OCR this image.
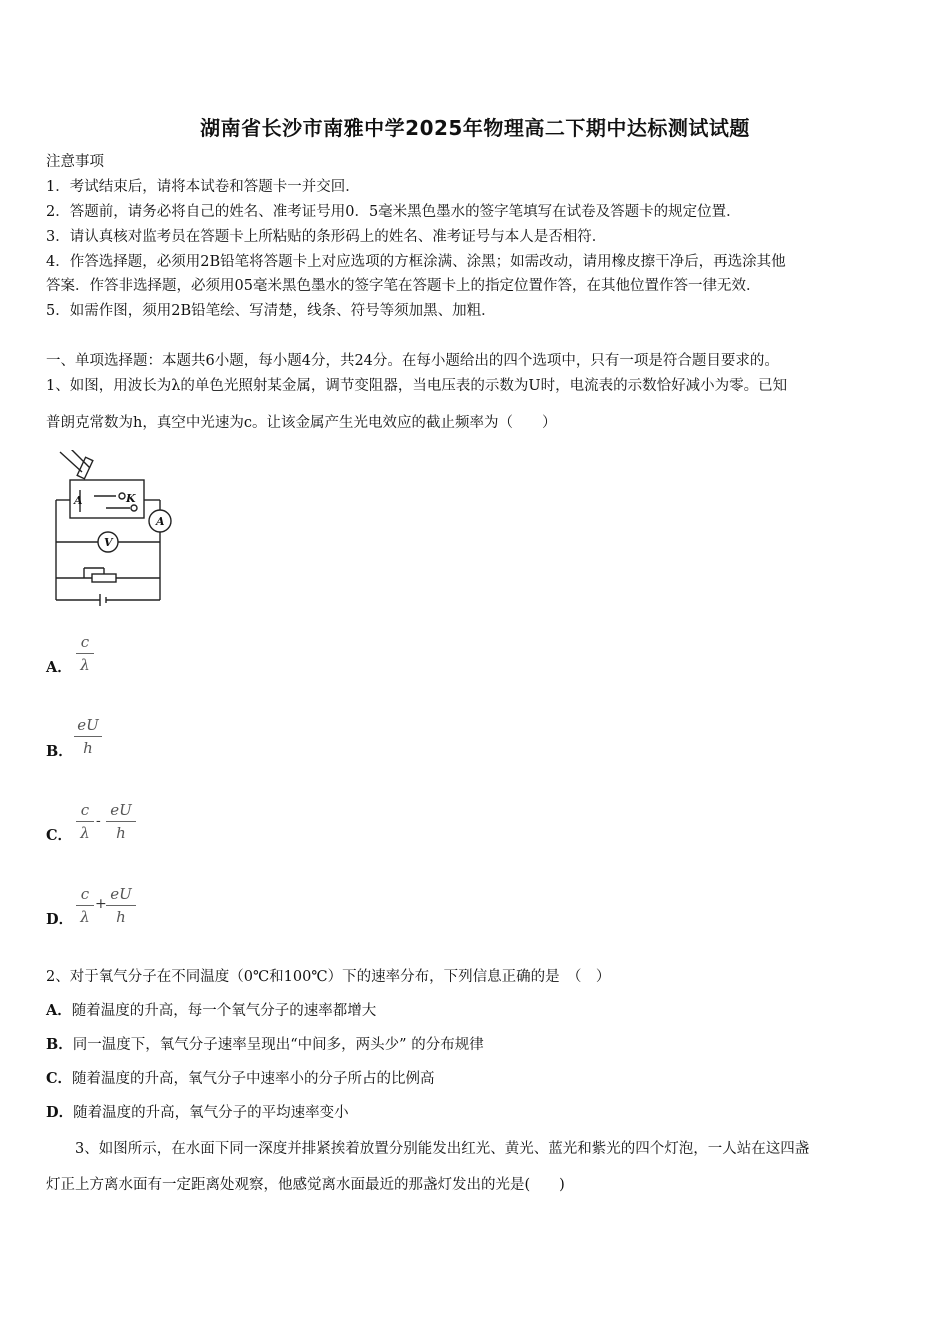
湖南省长沙市南雅中学2025年物理高二下期中达标测试试题
注意事项
1．考试结束后，请将本试卷和答题卡一并交回．
2．答题前，请务必将自己的姓名、准考证号用0．5毫米黑色墨水的签字笔填写在试卷及答题卡的规定位置．
3．请认真核对监考员在答题卡上所粘贴的条形码上的姓名、准考证号与本人是否相符．
4．作答选择题，必须用2B铅笔将答题卡上对应选项的方框涂满、涂黑；如需改动，请用橡皮擦干净后，再选涂其他
答案．作答非选择题，必须用05毫米黑色墨水的签字笔在答题卡上的指定位置作答，在其他位置作答一律无效．
5．如需作图，须用2B铅笔绘、写清楚，线条、符号等须加黑、加粗．
一、单项选择题：本题共6小题，每小题4分，共24分。在每小题给出的四个选项中，只有一项是符合题目要求的。
1、如图，用波长为λ的单色光照射某金属，调节变阻器，当电压表的示数为U时，电流表的示数恰好减小为零。已知
普朗克常数为h，真空中光速为c。让该金属产生光电效应的截止频率为（　　）
A	K
A
V
A．
c
λ
B．
eU
h
C．
c
λ
-
eU
h
D．
c
λ
+
eU
h
2、对于氧气分子在不同温度（0℃和100℃）下的速率分布，下列信息正确的是　（　）
A．随着温度的升高，每一个氧气分子的速率都增大
B．同一温度下，氧气分子速率呈现出“中间多，两头少” 的分布规律
C．随着温度的升高，氧气分子中速率小的分子所占的比例高
D．随着温度的升高，氧气分子的平均速率变小
　　3、如图所示，在水面下同一深度并排紧挨着放置分别能发出红光、黄光、蓝光和紫光的四个灯泡，一人站在这四盏
灯正上方离水面有一定距离处观察，他感觉离水面最近的那盏灯发出的光是(　　)
